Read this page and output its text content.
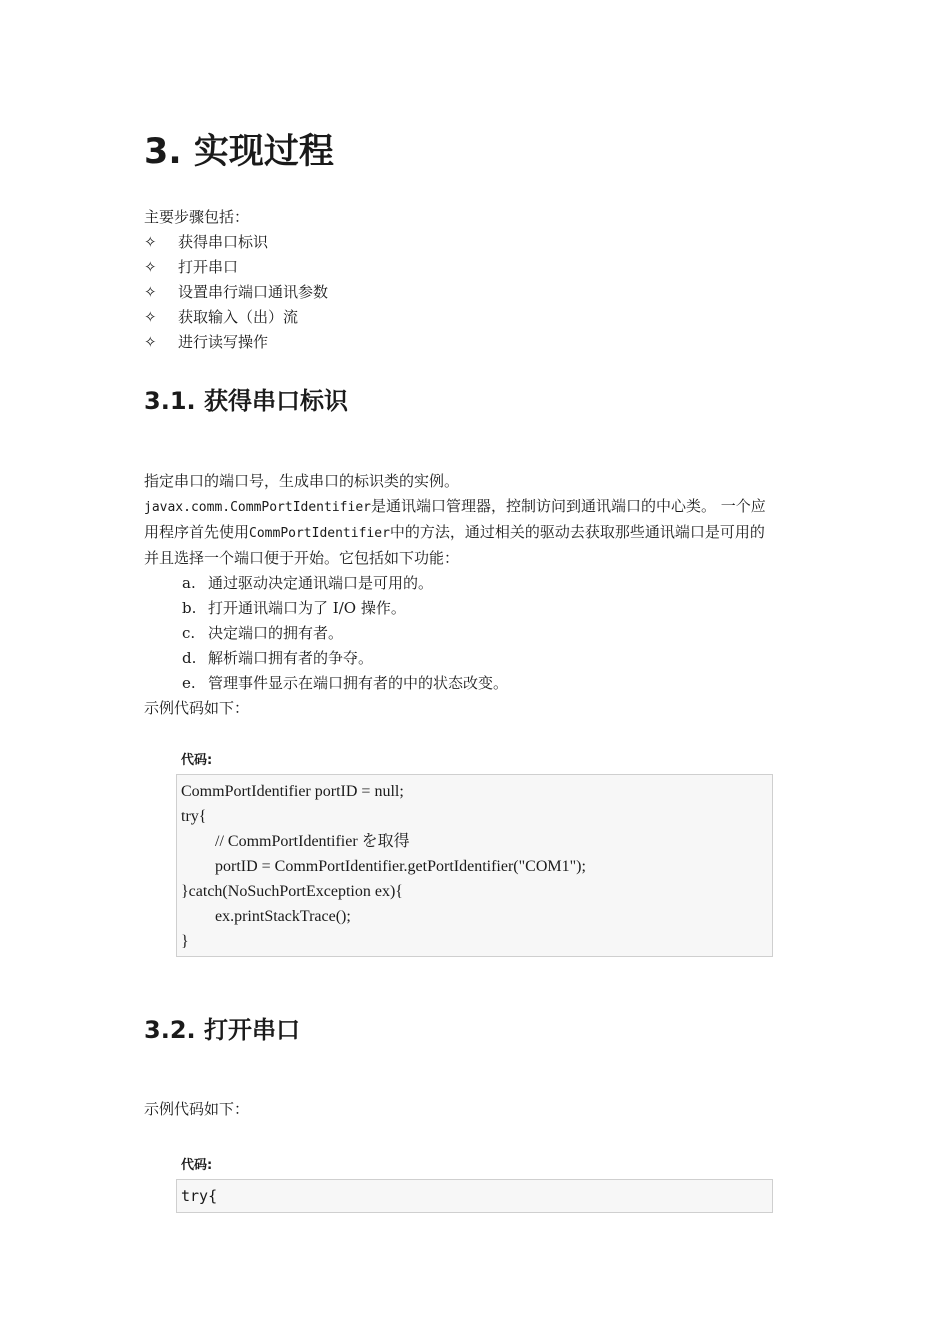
3. 实现过程
主要步骤包括：
✧	获得串口标识
✧	打开串口
✧	设置串行端口通讯参数
✧	获取输入（出）流
✧	进行读写操作
3.1. 获得串口标识
指定串口的端口号，生成串口的标识类的实例。
javax.comm.CommPortIdentifier是通讯端口管理器，控制访问到通讯端口的中心类。 一个应
用程序首先使用CommPortIdentifier中的方法，通过相关的驱动去获取那些通讯端口是可用的
并且选择一个端口便于开始。它包括如下功能：
a. 通过驱动决定通讯端口是可用的。
b. 打开通讯端口为了 I/O 操作。
c. 决定端口的拥有者。
d. 解析端口拥有者的争夺。
e. 管理事件显示在端口拥有者的中的状态改变。
示例代码如下：
代码:
CommPortIdentifier portID = null;
try{
// CommPortIdentifier を取得
portID = CommPortIdentifier.getPortIdentifier("COM1");
}catch(NoSuchPortException ex){
ex.printStackTrace();
}
3.2. 打开串口
示例代码如下：
代码:
try{
